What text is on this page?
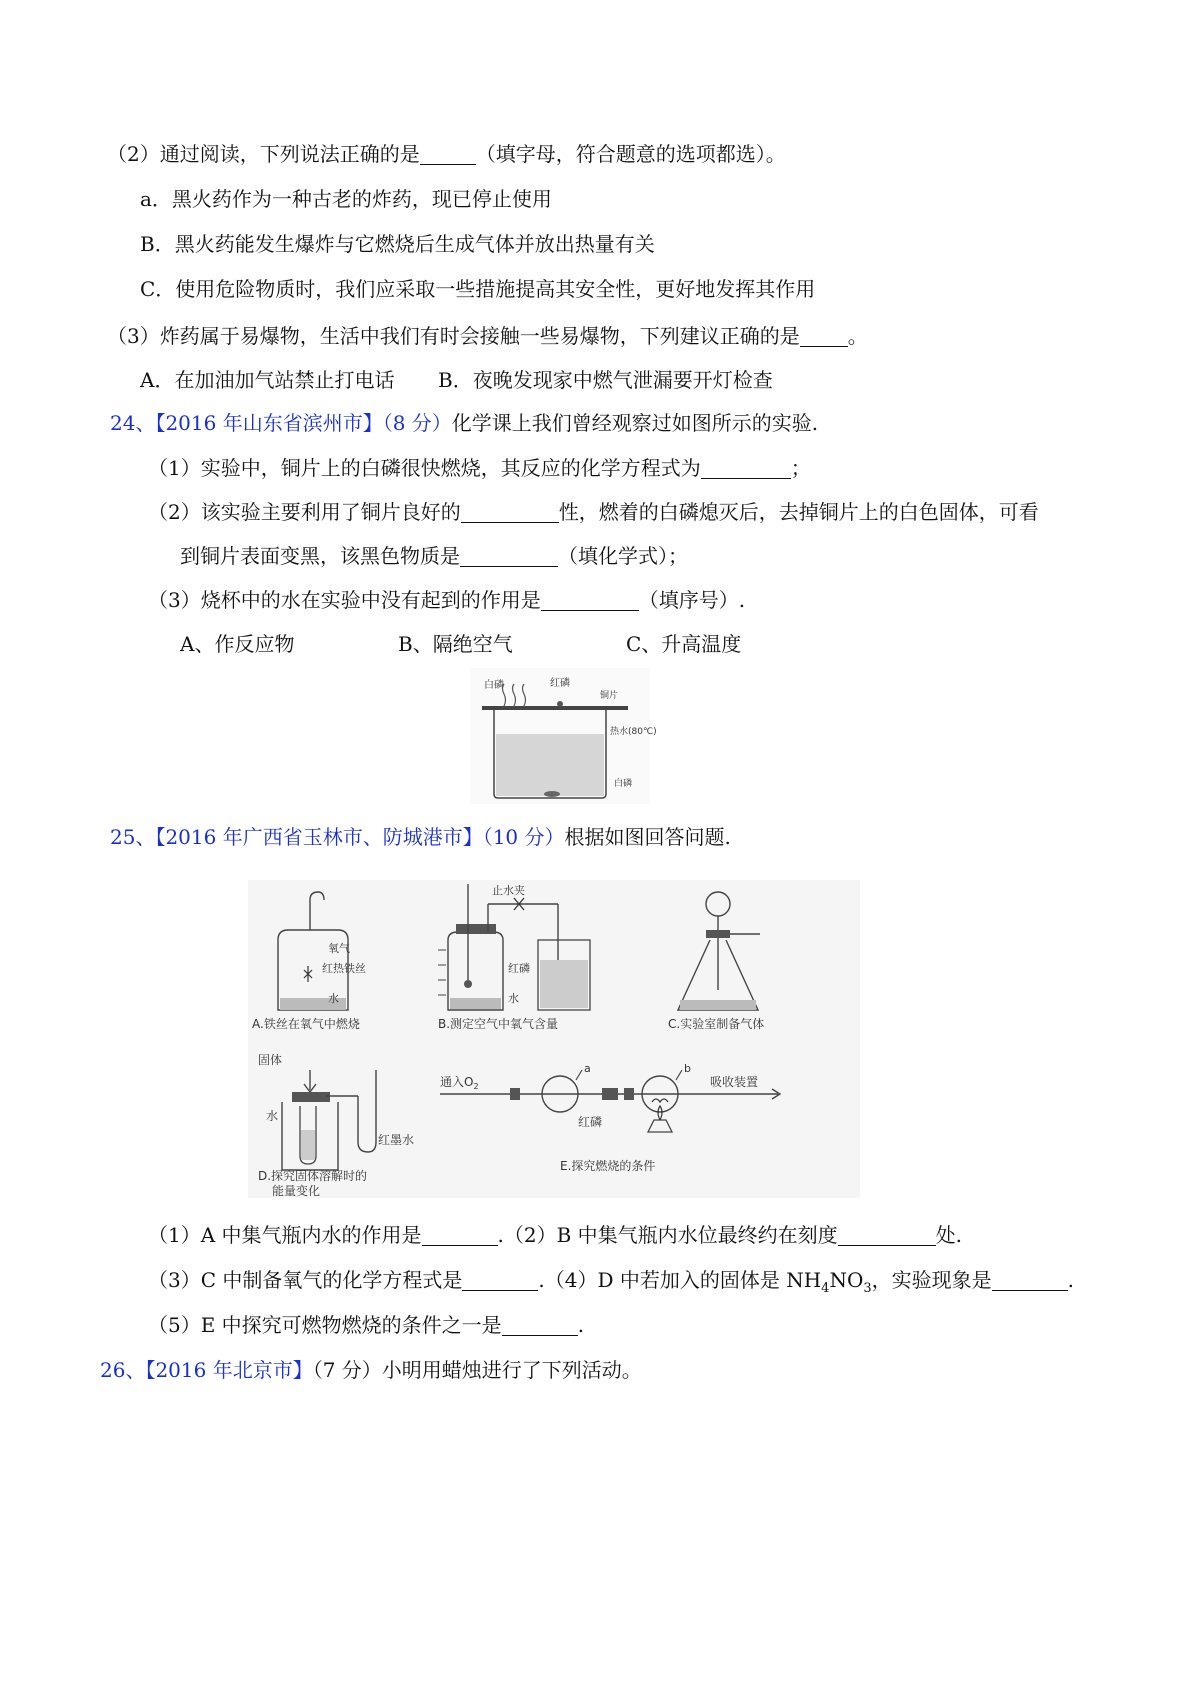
（2）通过阅读，下列说法正确的是	（填字母，符合题意的选项都选）。
a．黑火药作为一种古老的炸药，现已停止使用
B．黑火药能发生爆炸与它燃烧后生成气体并放出热量有关
C．使用危险物质时，我们应采取一些措施提高其安全性，更好地发挥其作用
（3）炸药属于易爆物，生活中我们有时会接触一些易爆物，下列建议正确的是 。
A．在加油加气站禁止打电话 B．夜晚发现家中燃气泄漏要开灯检查
24、【2016 年山东省滨州市】（8 分）化学课上我们曾经观察过如图所示的实验.
（1）实验中，铜片上的白磷很快燃烧，其反应的化学方程式为	；
（2）该实验主要利用了铜片良好的	性，燃着的白磷熄灭后，去掉铜片上的白色固体，可看
到铜片表面变黑，该黑色物质是	（填化学式）；
（3）烧杯中的水在实验中没有起到的作用是	（填序号）.
A、作反应物	B、隔绝空气	C、升高温度
白磷	红磷
铜片
热水(80℃)
白磷
25、【2016 年广西省玉林市、防城港市】（10 分）根据如图回答问题.
氧气
红热铁丝
水
A.铁丝在氧气中燃烧
止水夹
红磷
水
B.测定空气中氧气含量	C.实验室制备气体
固体
水
红墨水
D.探究固体溶解时的
能量变化
通入$O_2$
a	b
吸收装置
红磷
E.探究燃烧的条件
（1）A 中集气瓶内水的作用是	.（2）B 中集气瓶内水位最终约在刻度	处.
（3）C 中制备氧气的化学方程式是	.（4）D 中若加入的固体是 $NH_4NO_3$，实验现象是	.
（5）E 中探究可燃物燃烧的条件之一是	.
26、【2016 年北京市】（7 分）小明用蜡烛进行了下列活动。
